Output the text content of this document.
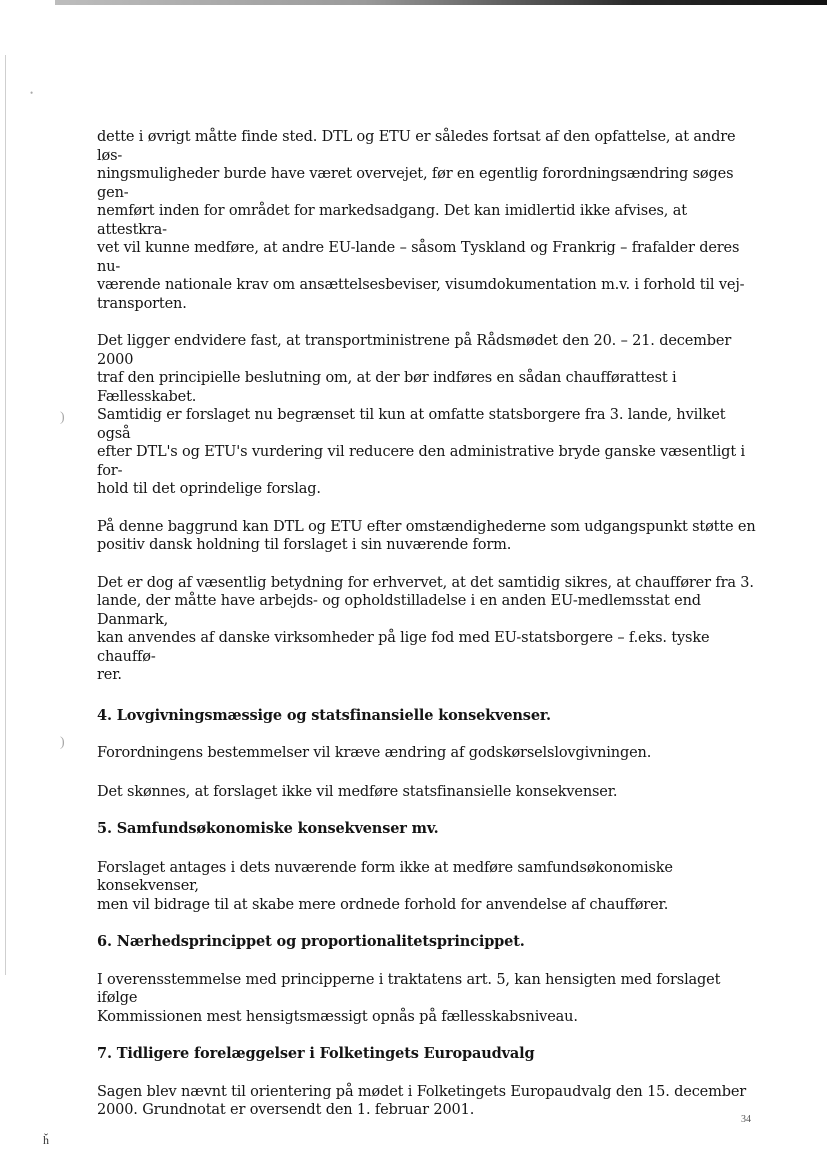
•
)
)
ȟ

dette i øvrigt måtte finde sted. DTL og ETU er således fortsat af den opfattelse, at andre løs-
ningsmuligheder burde have været overvejet, før en egentlig forordningsændring søges gen-
nemført inden for området for markedsadgang. Det kan imidlertid ikke afvises, at attestkra-
vet vil kunne medføre, at andre EU-lande – såsom Tyskland og Frankrig – frafalder deres nu-
værende nationale krav om ansættelsesbeviser, visumdokumentation m.v. i forhold til vej-
transporten.

Det ligger endvidere fast, at transportministrene på Rådsmødet den 20. – 21. december 2000
traf den principielle beslutning om, at der bør indføres en sådan chaufførattest i Fællesskabet.
Samtidig er forslaget nu begrænset til kun at omfatte statsborgere fra 3. lande, hvilket også
efter DTL's og ETU's vurdering vil reducere den administrative bryde ganske væsentligt i for-
hold til det oprindelige forslag.

På denne baggrund kan DTL og ETU efter omstændighederne som udgangspunkt støtte en
positiv dansk holdning til forslaget i sin nuværende form.

Det er dog af væsentlig betydning for erhvervet, at det samtidig sikres, at chauffører fra 3.
lande, der måtte have arbejds- og opholdstilladelse i en anden EU-medlemsstat end Danmark,
kan anvendes af danske virksomheder på lige fod med EU-statsborgere – f.eks. tyske chauffø-
rer.

4. Lovgivningsmæssige og statsfinansielle konsekvenser.

Forordningens bestemmelser vil kræve ændring af godskørselslovgivningen.

Det skønnes, at forslaget ikke vil medføre statsfinansielle konsekvenser.

5. Samfundsøkonomiske konsekvenser mv.

Forslaget antages i dets nuværende form ikke at medføre samfundsøkonomiske konsekvenser,
men vil bidrage til at skabe mere ordnede forhold for anvendelse af chauffører.

6. Nærhedsprincippet og proportionalitetsprincippet.

I overensstemmelse med principperne i traktatens art. 5, kan hensigten med forslaget ifølge
Kommissionen mest hensigtsmæssigt opnås på fællesskabsniveau.

7. Tidligere forelæggelser i Folketingets Europaudvalg

Sagen blev nævnt til orientering på mødet i Folketingets Europaudvalg den 15. december
2000. Grundnotat er oversendt den 1. februar 2001.

34
